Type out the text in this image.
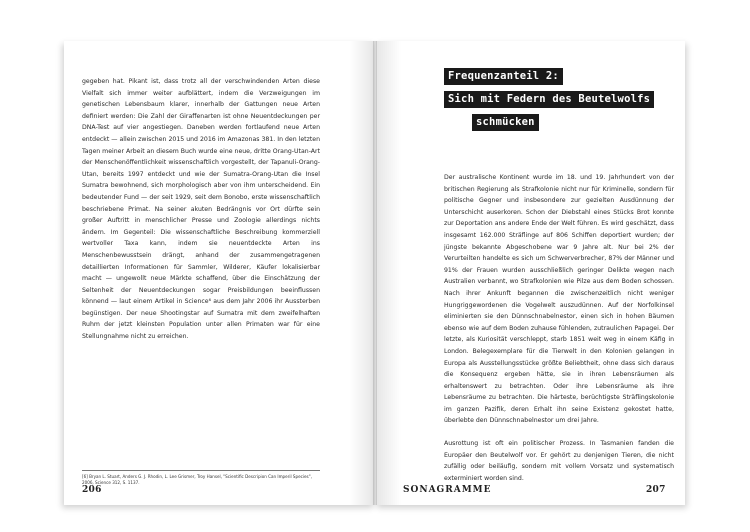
gegeben hat. Pikant ist, dass trotz all der verschwindenden Arten diese Vielfalt sich immer weiter aufblättert, indem die Verzweigungen im genetischen Lebensbaum klarer, innerhalb der Gattungen neue Arten definiert werden: Die Zahl der Giraffenarten ist ohne Neuentdeckungen per DNA-Test auf vier angestiegen. Daneben werden fortlaufend neue Arten entdeckt — allein zwischen 2015 und 2016 im Amazonas 381. In den letzten Tagen meiner Arbeit an diesem Buch wurde eine neue, dritte Orang-Utan-Art der Menschenöffentlichkeit wissenschaftlich vorgestellt, der Tapanuli-Orang-Utan, bereits 1997 entdeckt und wie der Sumatra-Orang-Utan die Insel Sumatra bewohnend, sich morphologisch aber von ihm unterscheidend. Ein bedeutender Fund — der seit 1929, seit dem Bonobo, erste wissenschaftlich beschriebene Primat. Na seiner akuten Bedrängnis vor Ort dürfte sein großer Auftritt in menschlicher Presse und Zoologie allerdings nichts ändern. Im Gegenteil: Die wissenschaftliche Beschreibung kommerziell wertvoller Taxa kann, indem sie neuentdeckte Arten ins Menschenbewusstsein drängt, anhand der zusammengetragenen detaillierten Informationen für Sammler, Wilderer, Käufer lokalisierbar macht — ungewollt neue Märkte schaffend, über die Einschätzung der Seltenheit der Neuentdeckungen sogar Preisbildungen beeinflussen könnend — laut einem Artikel in Science⁶ aus dem Jahr 2006 ihr Aussterben begünstigen. Der neue Shootingstar auf Sumatra mit dem zweifelhaften Ruhm der jetzt kleinsten Population unter allen Primaten war für eine Stellungnahme nicht zu erreichen.

[6] Bryan L. Stuart, Anders G. J. Rhodin, L. Lee Grismer, Troy Hansel, "Scientific Descripion Can Imperil Species", 2006, Science 312, S. 1137.

Der australische Kontinent wurde im 18. und 19. Jahrhundert von der britischen Regierung als Strafkolonie nicht nur für Kriminelle, sondern für politische Gegner und insbesondere zur gezielten Ausdünnung der Unterschicht auserkoren. Schon der Diebstahl eines Stücks Brot konnte zur Deportation ans andere Ende der Welt führen. Es wird geschätzt, dass insgesamt 162.000 Sträflinge auf 806 Schiffen deportiert wurden; der jüngste bekannte Abgeschobene war 9 Jahre alt. Nur bei 2% der Verurteilten handelte es sich um Schwerverbrecher, 87% der Männer und 91% der Frauen wurden ausschließlich geringer Delikte wegen nach Australien verbannt, wo Strafkolonien wie Pilze aus dem Boden schossen. Nach ihrer Ankunft begannen die zwischenzeitlich nicht weniger Hungriggewordenen die Vogelwelt auszudünnen. Auf der Norfolkinsel eliminierten sie den Dünnschnabelnestor, einen sich in hohen Bäumen ebenso wie auf dem Boden zuhause fühlenden, zutraulichen Papagei. Der letzte, als Kuriosität verschleppt, starb 1851 weit weg in einem Käfig in London. Belegexemplare für die Tierwelt in den Kolonien gelangen in Europa als Ausstellungsstücke größte Beliebtheit, ohne dass sich daraus die Konsequenz ergeben hätte, sie in ihren Lebensräumen als erhaltenswert zu betrachten. Oder ihre Lebensräume als ihre Lebensräume zu betrachten. Die härteste, berüchtigste Sträflingskolonie im ganzen Pazifik, deren Erhalt ihn seine Existenz gekostet hatte, überlebte den Dünnschnabelnestor um drei Jahre.

Ausrottung ist oft ein politischer Prozess. In Tasmanien fanden die Europäer den Beutelwolf vor. Er gehört zu denjenigen Tieren, die nicht zufällig oder beiläufig, sondern mit vollem Vorsatz und systematisch exterminiert worden sind.

Frequenzanteil 2:
Sich mit Federn des Beutelwolfs
schmücken
206	SONAGRAMME	207
